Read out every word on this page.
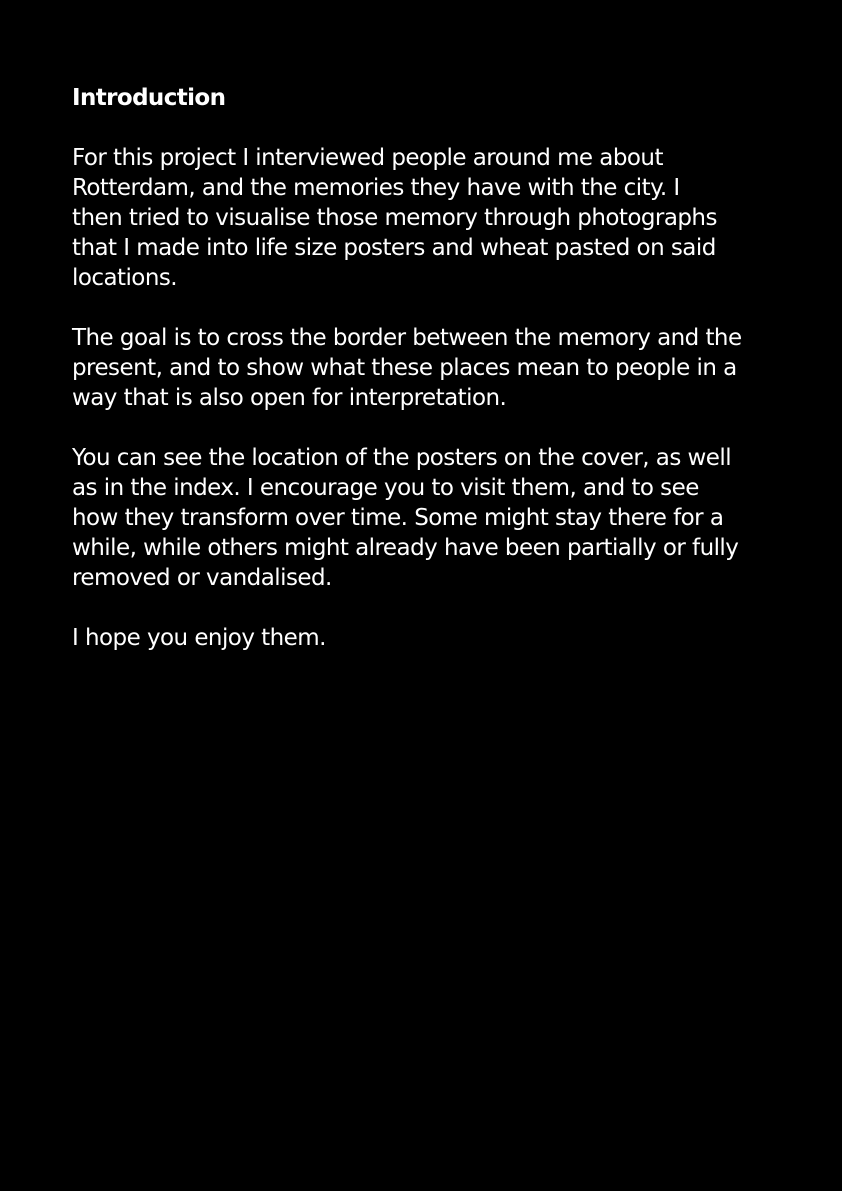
Introduction

For this project I interviewed people around me about
Rotterdam, and the memories they have with the city. I
then tried to visualise those memory through photographs
that I made into life size posters and wheat pasted on said
locations.

The goal is to cross the border between the memory and the
present, and to show what these places mean to people in a
way that is also open for interpretation.

You can see the location of the posters on the cover, as well
as in the index. I encourage you to visit them, and to see
how they transform over time. Some might stay there for a
while, while others might already have been partially or fully
removed or vandalised.

I hope you enjoy them.
